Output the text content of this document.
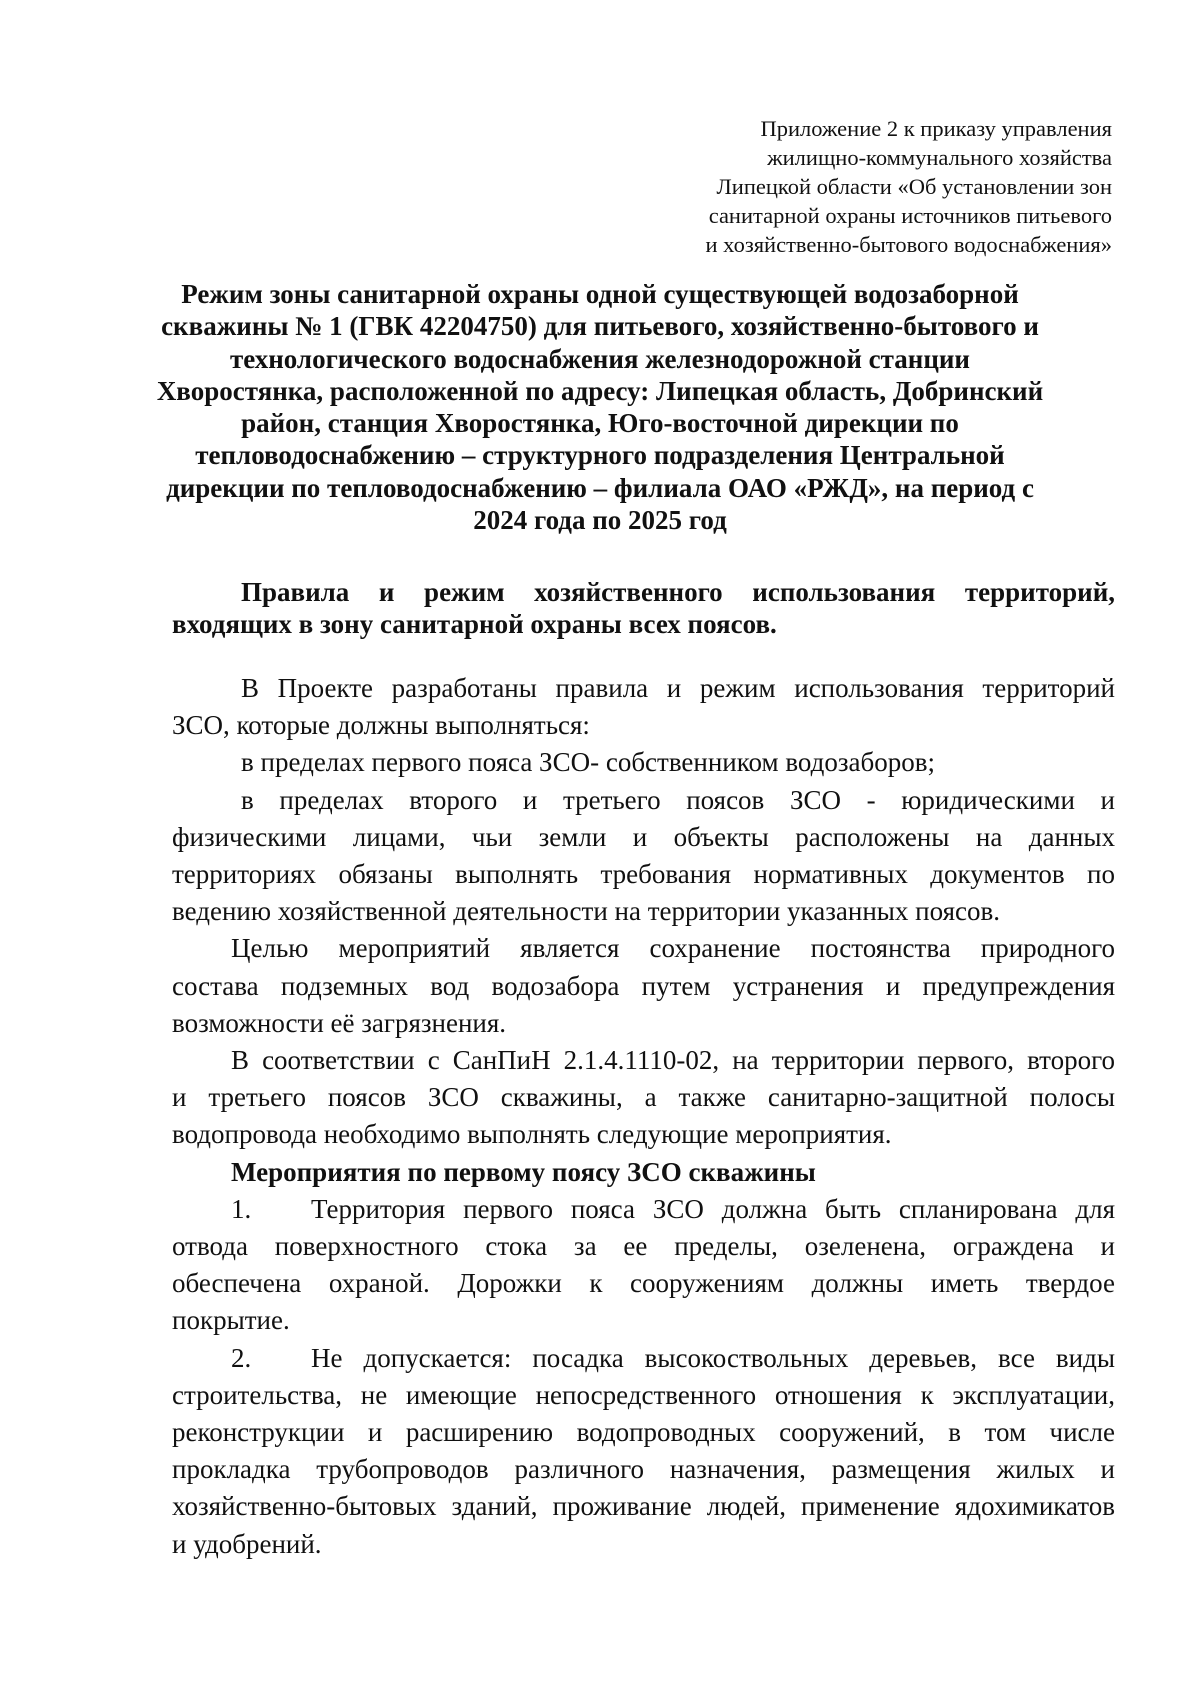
Приложение 2 к приказу управления
жилищно-коммунального хозяйства
Липецкой области «Об установлении зон
санитарной охраны источников питьевого
и хозяйственно-бытового водоснабжения»
Режим зоны санитарной охраны одной существующей водозаборной
скважины № 1 (ГВК 42204750) для питьевого, хозяйственно-бытового и
технологического водоснабжения железнодорожной станции
Хворостянка, расположенной по адресу: Липецкая область, Добринский
район, станция Хворостянка, Юго-восточной дирекции по
тепловодоснабжению – структурного подразделения Центральной
дирекции по тепловодоснабжению – филиала ОАО «РЖД», на период с
2024 года по 2025 год
Правила и режим хозяйственного использования территорий,
входящих в зону санитарной охраны всех поясов.
В Проекте разработаны правила и режим использования территорий
ЗСО, которые должны выполняться:
в пределах первого пояса ЗСО- собственником водозаборов;
в пределах второго и третьего поясов ЗСО - юридическими и
физическими лицами, чьи земли и объекты расположены на данных
территориях обязаны выполнять требования нормативных документов по
ведению хозяйственной деятельности на территории указанных поясов.
Целью мероприятий является сохранение постоянства природного
состава подземных вод водозабора путем устранения и предупреждения
возможности её загрязнения.
В соответствии с СанПиН 2.1.4.1110-02, на территории первого, второго
и третьего поясов ЗСО скважины, а также санитарно-защитной полосы
водопровода необходимо выполнять следующие мероприятия.
Мероприятия по первому поясу ЗСО скважины
1. Территория первого пояса ЗСО должна быть спланирована для
отвода поверхностного стока за ее пределы, озеленена, ограждена и
обеспечена охраной. Дорожки к сооружениям должны иметь твердое
покрытие.
2. Не допускается: посадка высокоствольных деревьев, все виды
строительства, не имеющие непосредственного отношения к эксплуатации,
реконструкции и расширению водопроводных сооружений, в том числе
прокладка трубопроводов различного назначения, размещения жилых и
хозяйственно-бытовых зданий, проживание людей, применение ядохимикатов
и удобрений.
